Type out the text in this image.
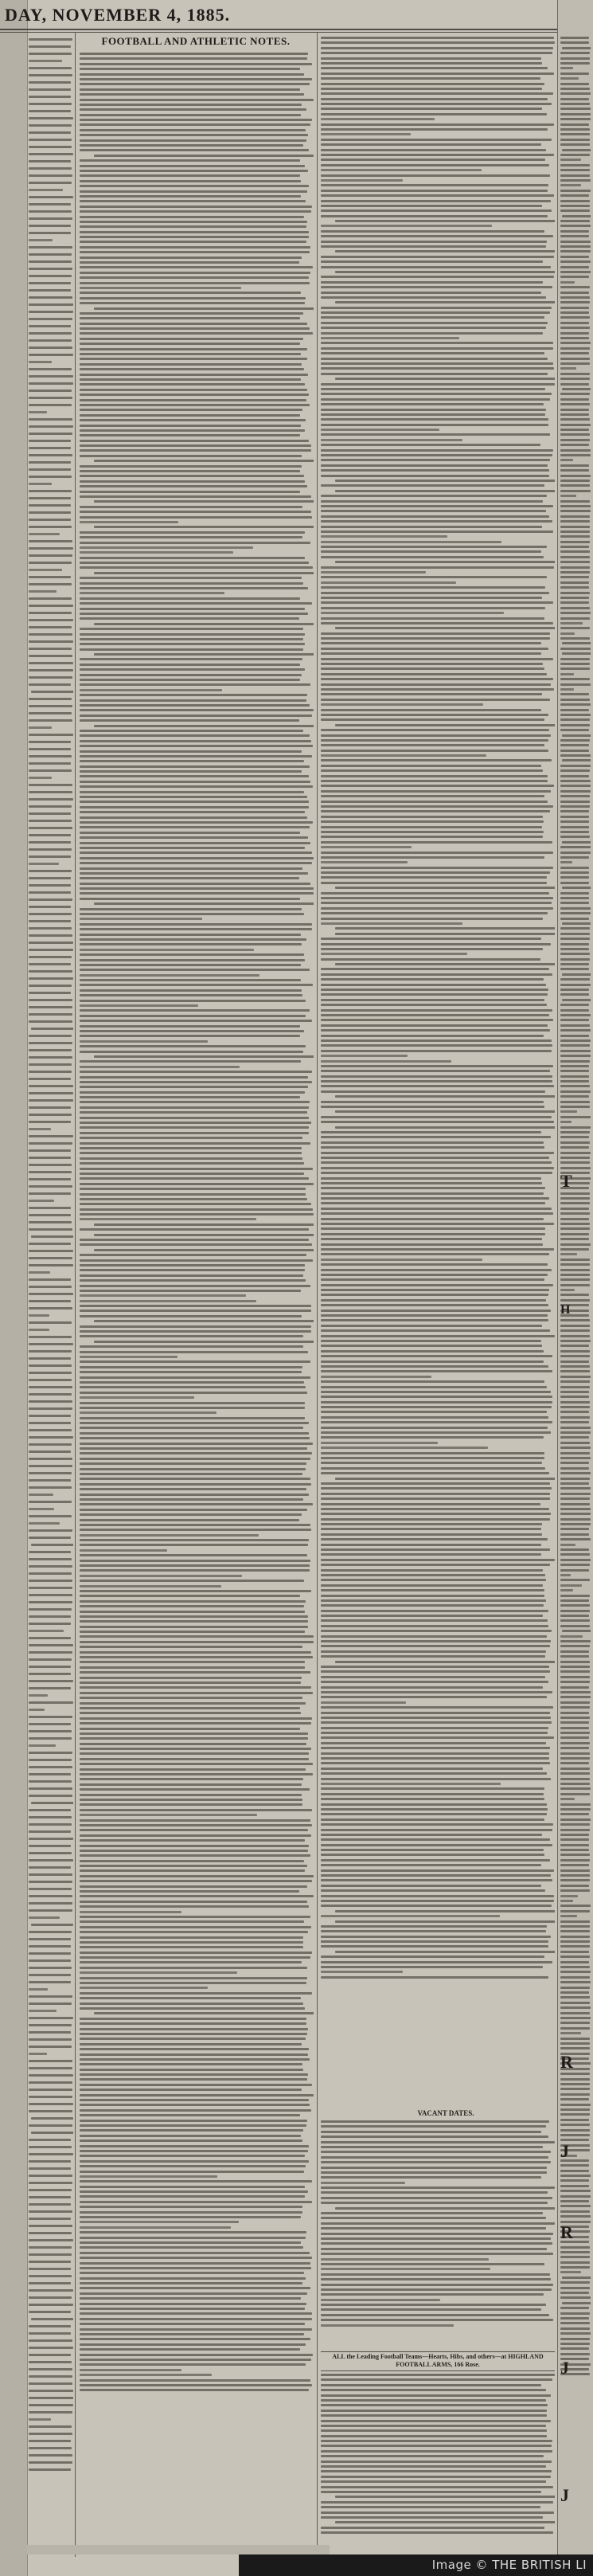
DAY, NOVEMBER 4, 1885.
FOOTBALL AND ATHLETIC NOTES.
VACANT DATES.
ALL the Leading Football Teams—Hearts, Hibs, and others—at HIGHLAND FOOTBALL ARMS, 166 Rose.
T
H
R
J
R
J
J
Image © THE BRITISH LI
